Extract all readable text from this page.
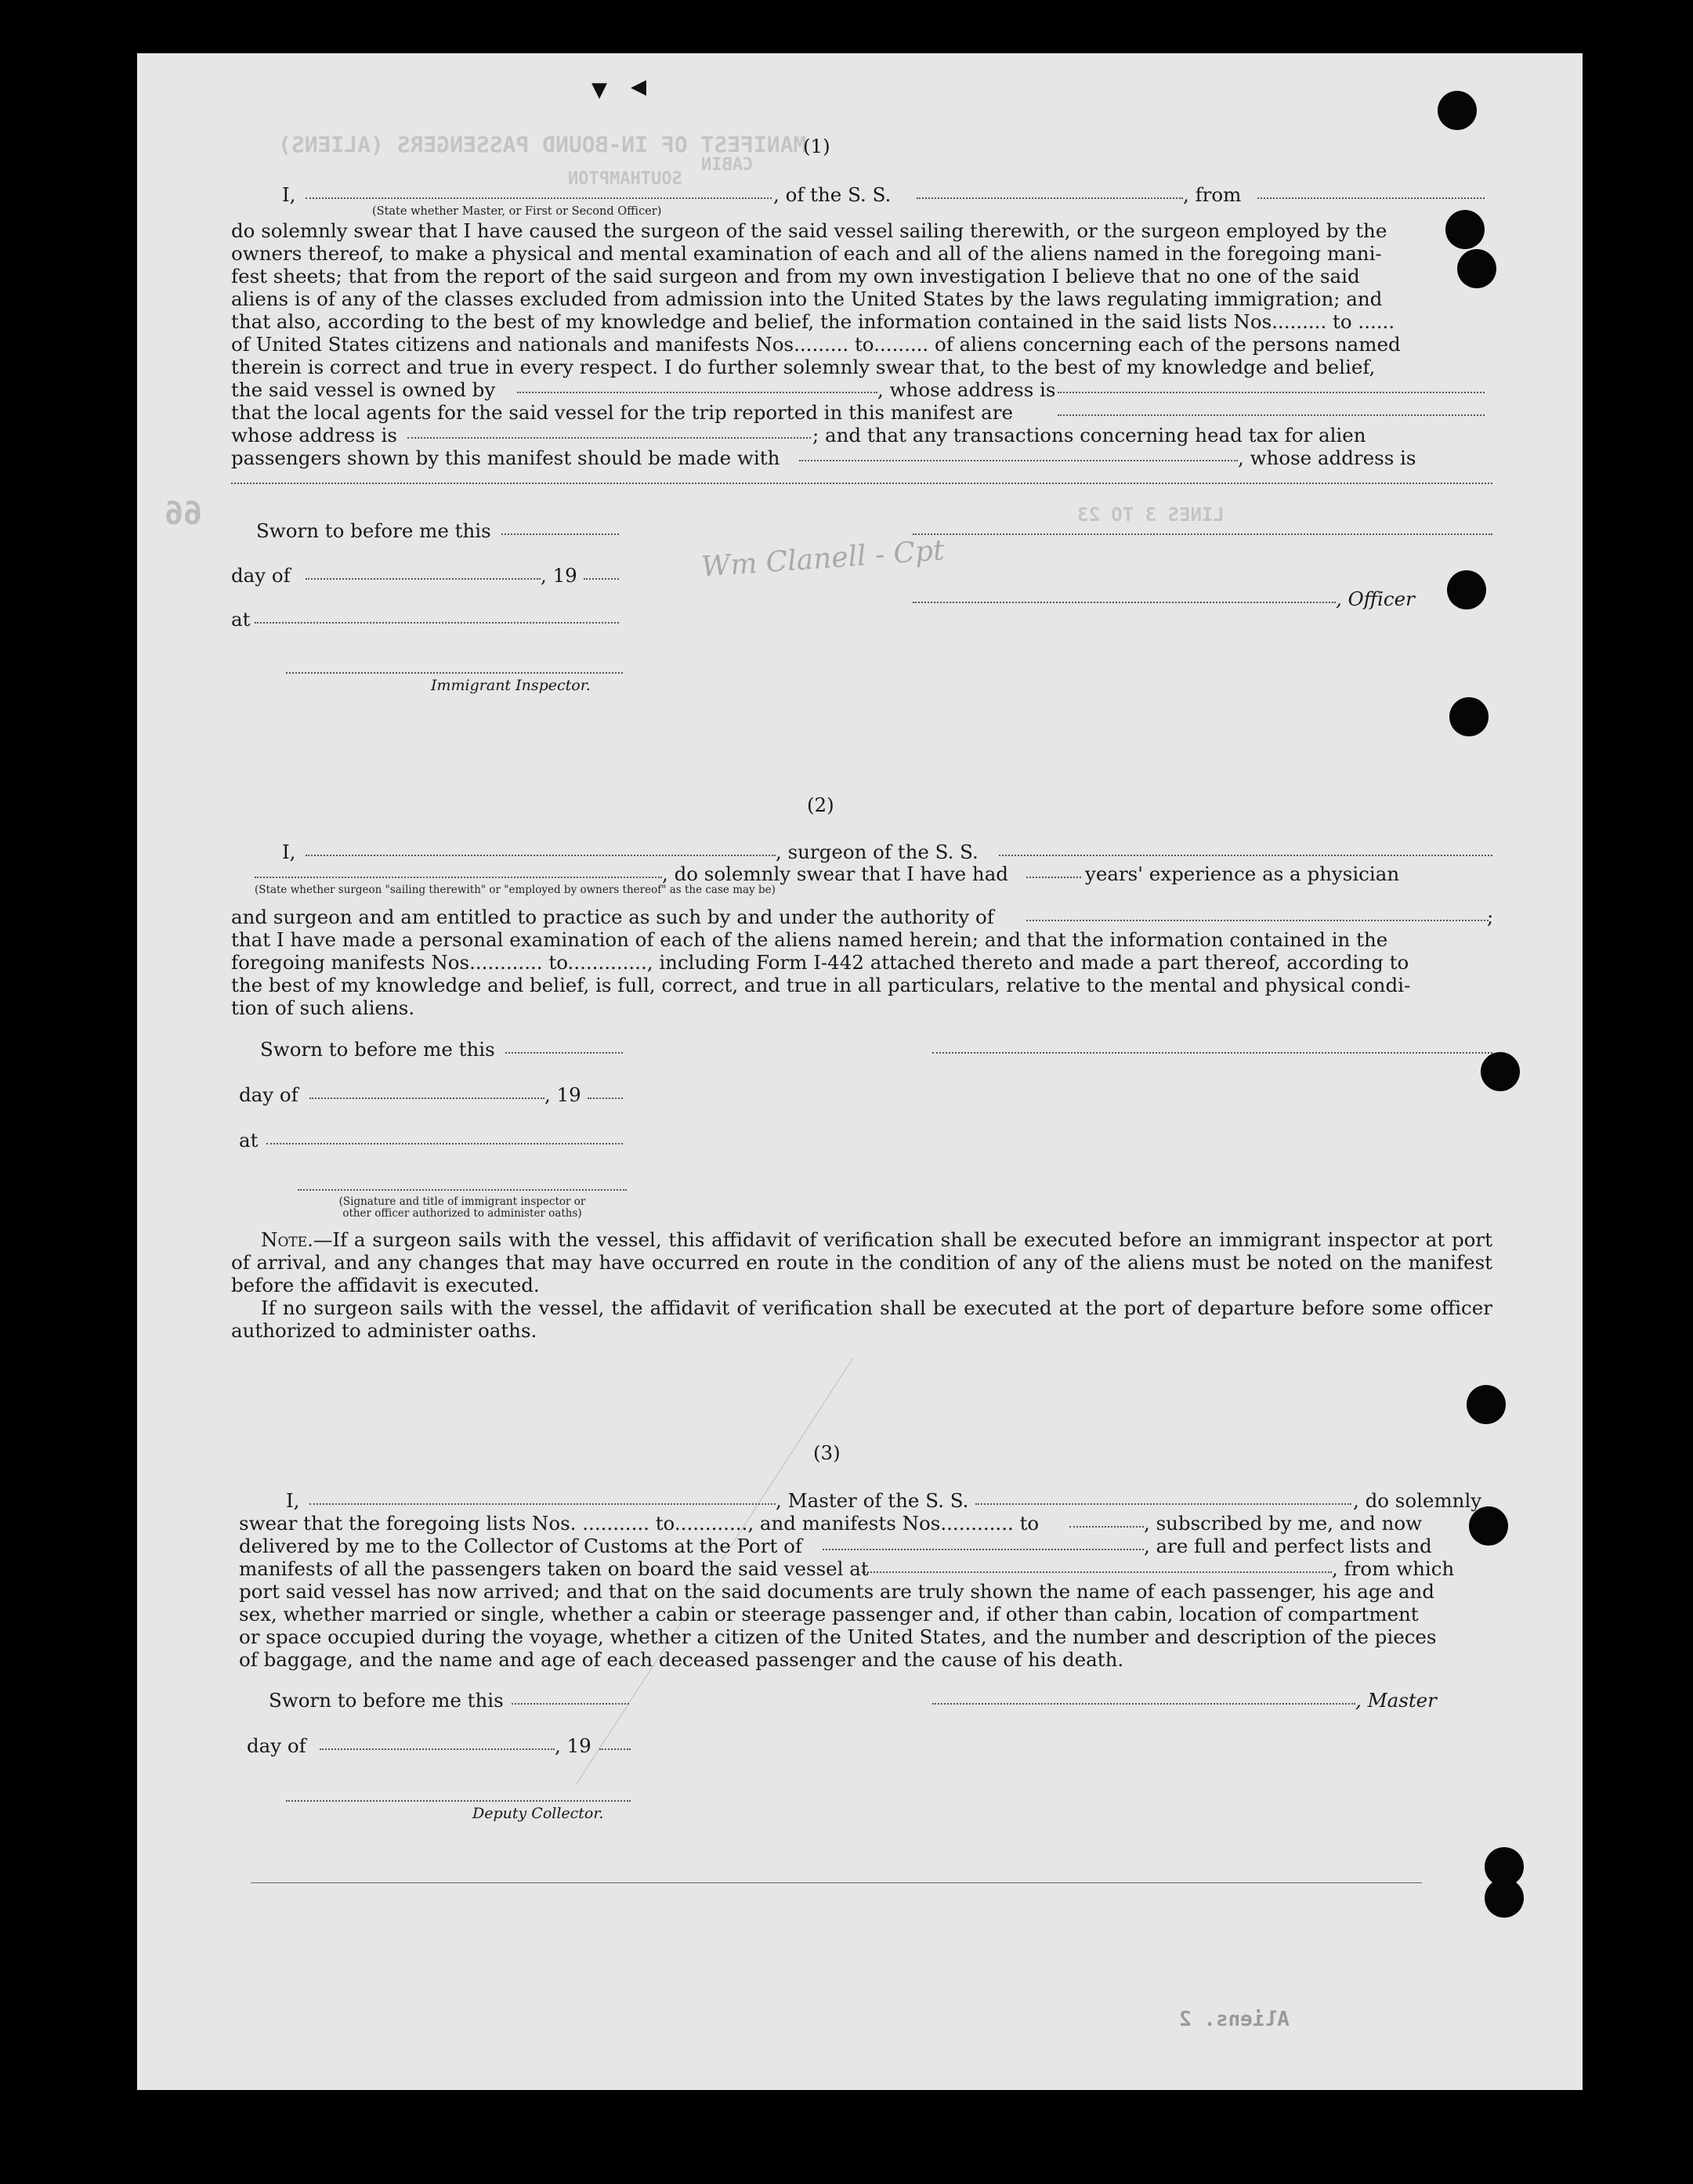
MANIFEST OF IN-BOUND PASSENGERS (ALIENS)
CABIN
SOUTHAMPTON
LINES 3 TO 23
66
Aliens. 2
Wm Clanell - Cpt
▼ ◀
(1)
I,	, of the S. S.	, from
(State whether Master, or First or Second Officer)
do solemnly swear that I have caused the surgeon of the said vessel sailing therewith, or the surgeon employed by the
owners thereof, to make a physical and mental examination of each and all of the aliens named in the foregoing mani-
fest sheets; that from the report of the said surgeon and from my own investigation I believe that no one of the said
aliens is of any of the classes excluded from admission into the United States by the laws regulating immigration; and
that also, according to the best of my knowledge and belief, the information contained in the said lists Nos......... to ......
of United States citizens and nationals and manifests Nos......... to......... of aliens concerning each of the persons named
therein is correct and true in every respect. I do further solemnly swear that, to the best of my knowledge and belief,
the said vessel is owned by	, whose address is
that the local agents for the said vessel for the trip reported in this manifest are
whose address is	; and that any transactions concerning head tax for alien
passengers shown by this manifest should be made with	, whose address is
Sworn to before me this
day of	, 19
, Officer
at
Immigrant Inspector.
(2)
I,	, surgeon of the S. S.
, do solemnly swear that I have had	years' experience as a physician
(State whether surgeon "sailing therewith" or "employed by owners thereof" as the case may be)
and surgeon and am entitled to practice as such by and under the authority of	;
that I have made a personal examination of each of the aliens named herein; and that the information contained in the
foregoing manifests Nos............ to............., including Form I-442 attached thereto and made a part thereof, according to
the best of my knowledge and belief, is full, correct, and true in all particulars, relative to the mental and physical condi-
tion of such aliens.
Sworn to before me this
day of	, 19
at
(Signature and title of immigrant inspector or
other officer authorized to administer oaths)
Note.—If a surgeon sails with the vessel, this affidavit of verification shall be executed before an immigrant inspector at port of arrival, and any changes that may have occurred en route in the condition of any of the aliens must be noted on the manifest before the affidavit is executed.
If no surgeon sails with the vessel, the affidavit of verification shall be executed at the port of departure before some officer authorized to administer oaths.
(3)
I,	, Master of the S. S.	, do solemnly
swear that the foregoing lists Nos. ........... to............, and manifests Nos............ to	, subscribed by me, and now
delivered by me to the Collector of Customs at the Port of	, are full and perfect lists and
manifests of all the passengers taken on board the said vessel at	, from which
port said vessel has now arrived; and that on the said documents are truly shown the name of each passenger, his age and
sex, whether married or single, whether a cabin or steerage passenger and, if other than cabin, location of compartment
or space occupied during the voyage, whether a citizen of the United States, and the number and description of the pieces
of baggage, and the name and age of each deceased passenger and the cause of his death.
Sworn to before me this	, Master
day of	, 19
Deputy Collector.
